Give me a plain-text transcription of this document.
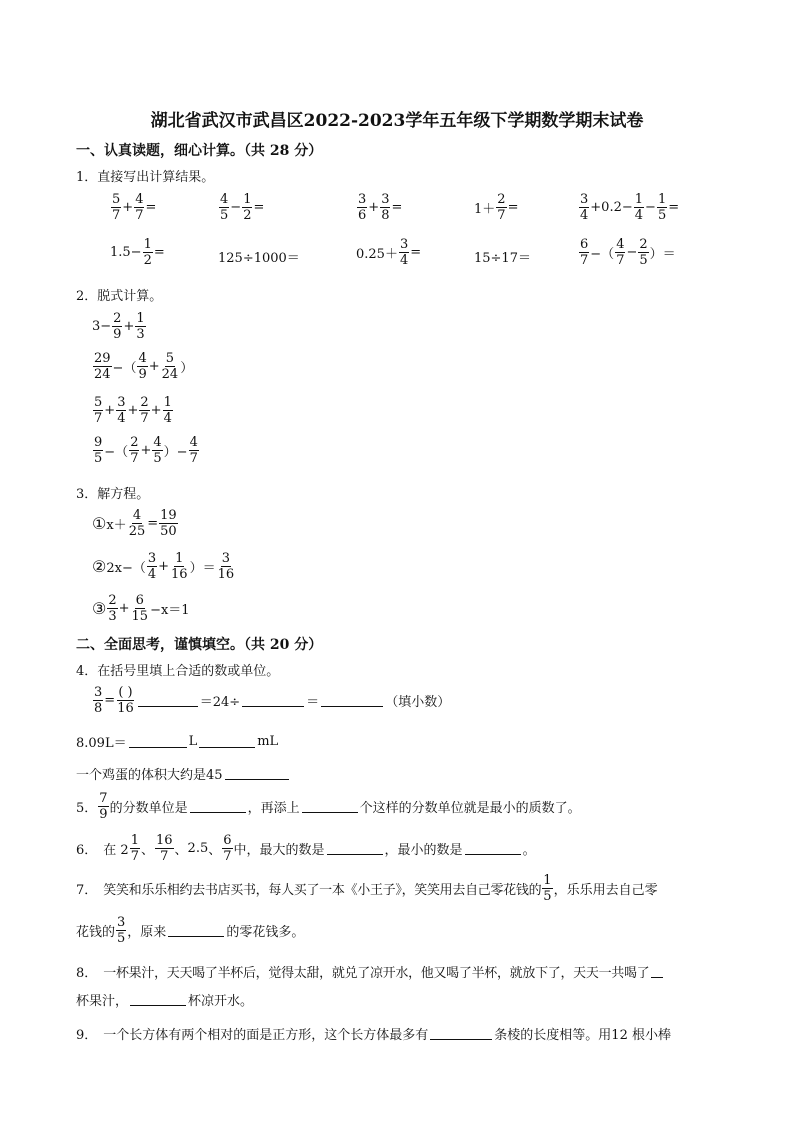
湖北省武汉市武昌区2022-2023学年五年级下学期数学期末试卷
一、认真读题，细心计算。（共 28 分）
1．直接写出计算结果。
$\frac{5}{7} + \frac{4}{7}$ =	$\frac{4}{5} - \frac{1}{2}$ =	$\frac{3}{6} + \frac{3}{8}$ =	$1+ \frac{2}{7}$ =	$\frac{3}{4} +0.2- \frac{1}{4} - \frac{1}{5}$ =
$1.5- \frac{1}{2}$ =	125÷1000＝	$0.25+ \frac{3}{4}$ =	15÷17＝	$\frac{6}{7}$ −（ $\frac{4}{7} - \frac{2}{5}$ ）＝
2．脱式计算。
$3- \frac{2}{9} + \frac{1}{3}$
$\frac{29}{24}$ −（ $\frac{4}{9} + \frac{5}{24}$ ）
$\frac{5}{7} + \frac{3}{4} + \frac{2}{7} + \frac{1}{4}$
$\frac{9}{5}$ −（ $\frac{2}{7} + \frac{4}{5}$ ）− $\frac{4}{7}$
3．解方程。
① $x+ \frac{4}{25} = \frac{19}{50}$
② $2x-( \frac{3}{4} + \frac{1}{16}$ ）＝ $\frac{3}{16}$
③ $\frac{2}{3} + \frac{6}{15} -x=1$
二、全面思考，谨慎填空。（共 20 分）
4．在括号里填上合适的数或单位。
$\frac{3}{8} = \frac{( )}{16}$	＝24÷	＝	（填小数）
8.09L＝	L	mL
一个鸡蛋的体积大约是45
5． $\frac{7}{9}$ 的分数单位是	，再添上	个这样的分数单位就是最小的质数了。
6． 在 $2 \frac{1}{7}$ 、 $\frac{16}{7}$ 、 2.5 、 $\frac{6}{7}$ 中，最大的数是	，最小的数是	。
7． 笑笑和乐乐相约去书店买书，每人买了一本《小王子》，笑笑用去自己零花钱的 $\frac{1}{5}$ ，乐乐用去自己零
花钱的 $\frac{3}{5}$ ，原来	的零花钱多。
8． 一杯果汁，天天喝了半杯后，觉得太甜，就兑了凉开水，他又喝了半杯，就放下了，天天一共喝了
杯果汁，	杯凉开水。
9． 一个长方体有两个相对的面是正方形，这个长方体最多有	条棱的长度相等。用12 根小棒
